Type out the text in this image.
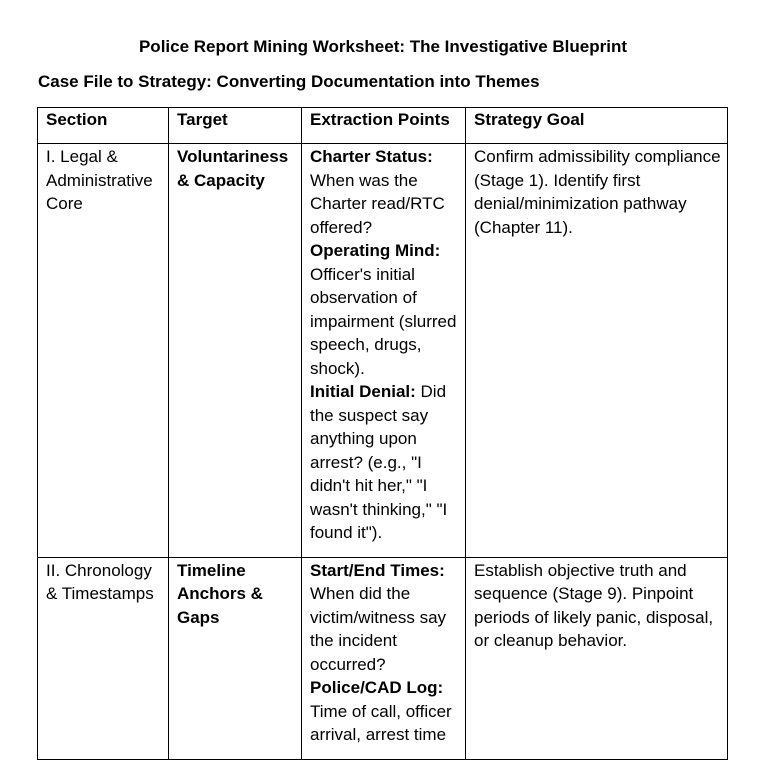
Police Report Mining Worksheet: The Investigative Blueprint
Case File to Strategy: Converting Documentation into Themes
Section	Target	Extraction Points	Strategy Goal
I. Legal & Administrative Core	Voluntariness & Capacity	Charter Status: When was the Charter read/RTC offered?
Operating Mind: Officer's initial observation of impairment (slurred speech, drugs, shock).
Initial Denial: Did the suspect say anything upon arrest? (e.g., "I didn't hit her," "I wasn't thinking," "I found it").	Confirm admissibility compliance (Stage 1). Identify first denial/minimization pathway (Chapter 11).
II. Chronology & Timestamps	Timeline Anchors & Gaps	Start/End Times: When did the victim/witness say the incident occurred?
Police/CAD Log: Time of call, officer arrival, arrest time	Establish objective truth and sequence (Stage 9). Pinpoint periods of likely panic, disposal, or cleanup behavior.
